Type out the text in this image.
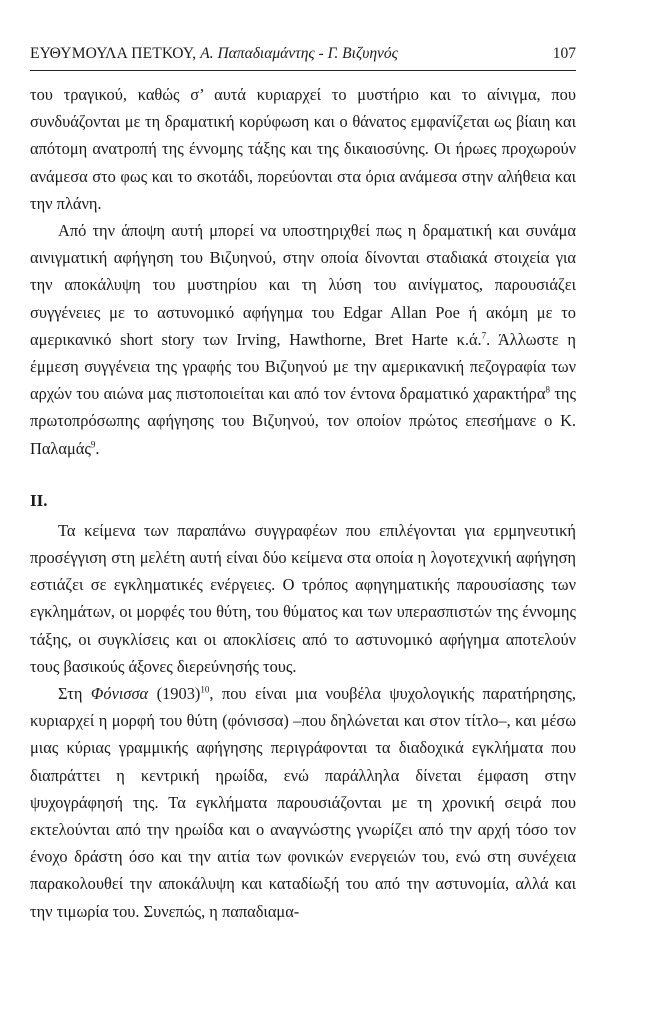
ΕΥΘΥΜΟΥΛΑ ΠΕΤΚΟΥ, Α. Παπαδιαμάντης - Γ. Βιζυηνός	107

του τραγικού, καθώς σ’ αυτά κυριαρχεί το μυστήριο και το αίνιγμα, που συνδυάζονται με τη δραματική κορύφωση και ο θάνατος εμφανίζεται ως βίαιη και απότομη ανατροπή της έννομης τάξης και της δικαιοσύνης. Οι ήρωες προχωρούν ανάμεσα στο φως και το σκοτάδι, πορεύονται στα όρια ανάμεσα στην αλήθεια και την πλάνη.

Από την άποψη αυτή μπορεί να υποστηριχθεί πως η δραματική και συνάμα αινιγματική αφήγηση του Βιζυηνού, στην οποία δίνονται σταδιακά στοιχεία για την αποκάλυψη του μυστηρίου και τη λύση του αινίγματος, παρουσιάζει συγγένειες με το αστυνομικό αφήγημα του Edgar Allan Poe ή ακόμη με το αμερικανικό short story των Irving, Hawthorne, Bret Harte κ.ά.$^7$. Άλλωστε η έμμεση συγγένεια της γραφής του Βιζυηνού με την αμερικανική πεζογραφία των αρχών του αιώνα μας πιστοποιείται και από τον έντονα δραματικό χαρακτήρα$^8$ της πρωτοπρόσωπης αφήγησης του Βιζυηνού, τον οποίον πρώτος επεσήμανε ο Κ. Παλαμάς$^9$.

ΙΙ.

Τα κείμενα των παραπάνω συγγραφέων που επιλέγονται για ερμηνευτική προσέγγιση στη μελέτη αυτή είναι δύο κείμενα στα οποία η λογοτεχνική αφήγηση εστιάζει σε εγκληματικές ενέργειες. Ο τρόπος αφηγηματικής παρουσίασης των εγκλημάτων, οι μορφές του θύτη, του θύματος και των υπερασπιστών της έννομης τάξης, οι συγκλίσεις και οι αποκλίσεις από το αστυνομικό αφήγημα αποτελούν τους βασικούς άξονες διερεύνησής τους.

Στη Φόνισσα $(1903)^{10}$, που είναι μια νουβέλα ψυχολογικής παρατήρησης, κυριαρχεί η μορφή του θύτη (φόνισσα) –που δηλώνεται και στον τίτλο–, και μέσω μιας κύριας γραμμικής αφήγησης περιγράφονται τα διαδοχικά εγκλήματα που διαπράττει η κεντρική ηρωίδα, ενώ παράλληλα δίνεται έμφαση στην ψυχογράφησή της. Τα εγκλήματα παρουσιάζονται με τη χρονική σειρά που εκτελούνται από την ηρωίδα και ο αναγνώστης γνωρίζει από την αρχή τόσο τον ένοχο δράστη όσο και την αιτία των φονικών ενεργειών του, ενώ στη συνέχεια παρακολουθεί την αποκάλυψη και καταδίωξή του από την αστυνομία, αλλά και την τιμωρία του. Συνεπώς, η παπαδιαμα-
